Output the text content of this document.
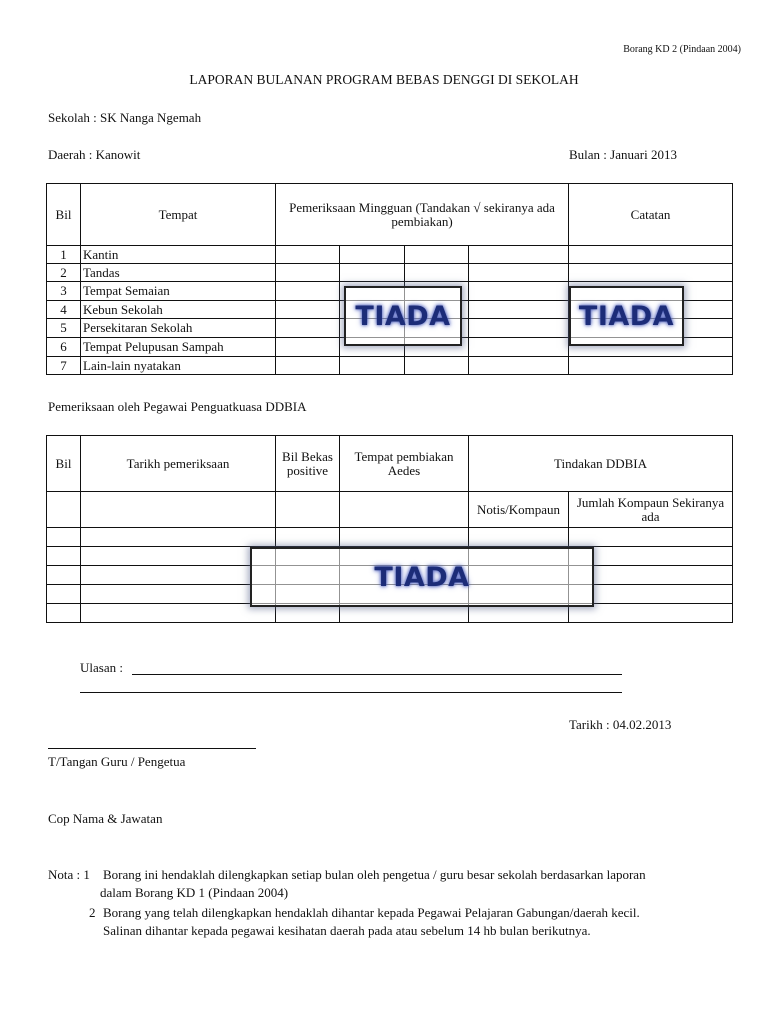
Borang KD 2 (Pindaan 2004)
LAPORAN BULANAN PROGRAM BEBAS DENGGI DI SEKOLAH
Sekolah : SK Nanga Ngemah
Daerah : Kanowit	Bulan : Januari 2013
Bil	Tempat	Pemeriksaan Mingguan (Tandakan √ sekiranya ada pembiakan)				Catatan
1	Kantin					
2	Tandas					
3	Tempat Semaian					
4	Kebun Sekolah					
5	Persekitaran Sekolah					
6	Tempat Pelupusan Sampah					
7	Lain-lain nyatakan					
TIADA	TIADA
Pemeriksaan oleh Pegawai Penguatkuasa DDBIA
Bil	Tarikh pemeriksaan	Bil Bekas positive	Tempat pembiakan Aedes	Tindakan DDBIA	
				Notis/Kompaun	Jumlah Kompaun Sekiranya ada

TIADA
Ulasan :
Tarikh : 04.02.2013
T/Tangan Guru / Pengetua
Cop Nama & Jawatan
Nota : 1 Borang ini hendaklah dilengkapkan setiap bulan oleh pengetua / guru besar sekolah berdasarkan laporan
dalam Borang KD 1 (Pindaan 2004)
2 Borang yang telah dilengkapkan hendaklah dihantar kepada Pegawai Pelajaran Gabungan/daerah kecil.
Salinan dihantar kepada pegawai kesihatan daerah pada atau sebelum 14 hb bulan berikutnya.
